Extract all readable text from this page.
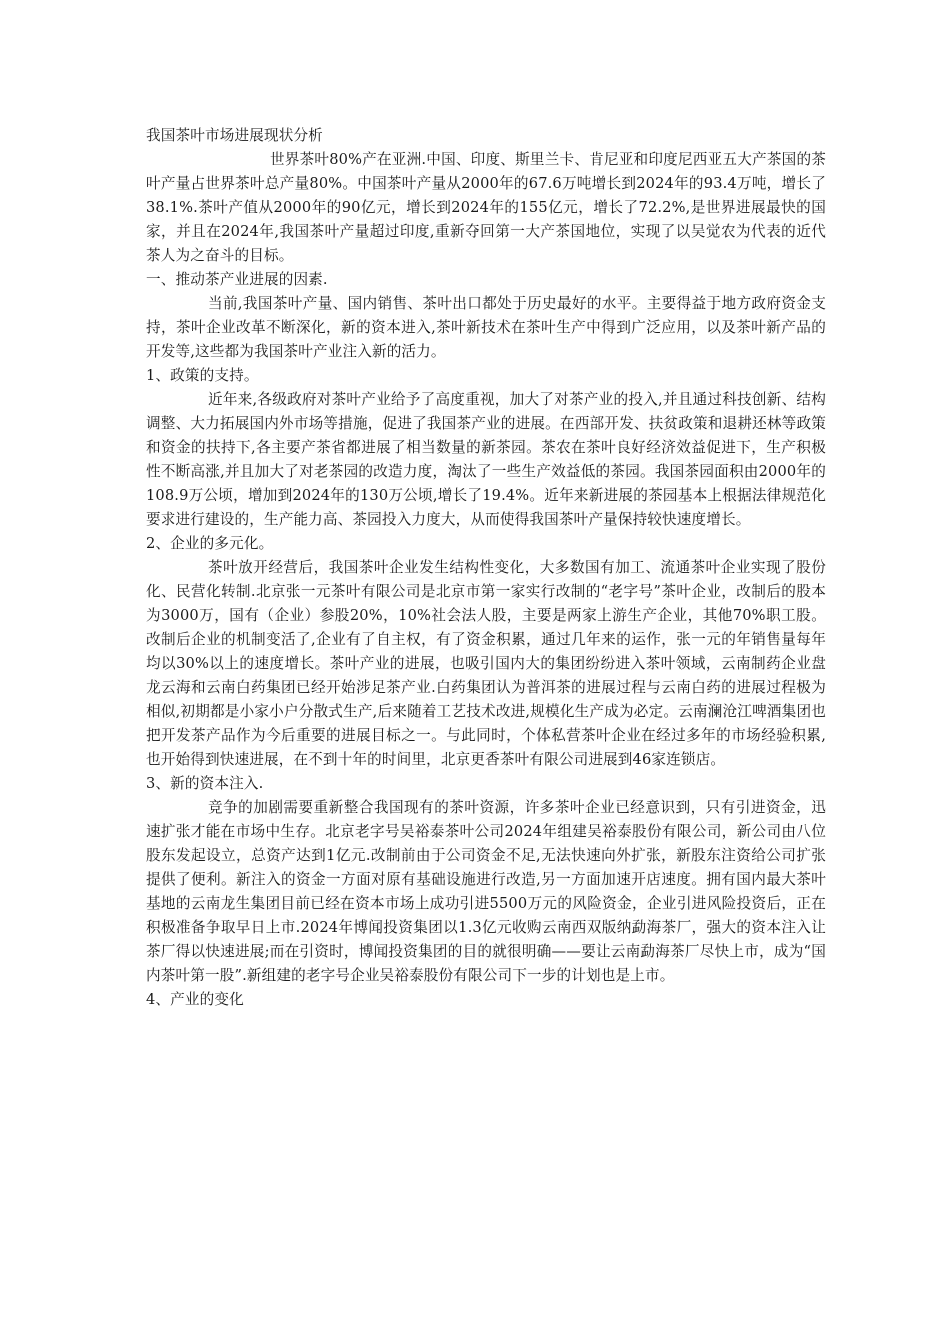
我国茶叶市场进展现状分析

世界茶叶80%产在亚洲.中国、印度、斯里兰卡、肯尼亚和印度尼西亚五大产茶国的茶叶产量占世界茶叶总产量80%。中国茶叶产量从2000年的67.6万吨增长到2024年的93.4万吨，增长了38.1%.茶叶产值从2000年的90亿元，增长到2024年的155亿元，增长了72.2%,是世界进展最快的国家，并且在2024年,我国茶叶产量超过印度,重新夺回第一大产茶国地位，实现了以吴觉农为代表的近代茶人为之奋斗的目标。

一、推动茶产业进展的因素.

当前,我国茶叶产量、国内销售、茶叶出口都处于历史最好的水平。主要得益于地方政府资金支持，茶叶企业改革不断深化，新的资本进入,茶叶新技术在茶叶生产中得到广泛应用，以及茶叶新产品的开发等,这些都为我国茶叶产业注入新的活力。

1、政策的支持。

近年来,各级政府对茶叶产业给予了高度重视，加大了对茶产业的投入,并且通过科技创新、结构调整、大力拓展国内外市场等措施，促进了我国茶产业的进展。在西部开发、扶贫政策和退耕还林等政策和资金的扶持下,各主要产茶省都进展了相当数量的新茶园。茶农在茶叶良好经济效益促进下，生产积极性不断高涨,并且加大了对老茶园的改造力度，淘汰了一些生产效益低的茶园。我国茶园面积由2000年的108.9万公顷，增加到2024年的130万公顷,增长了19.4%。近年来新进展的茶园基本上根据法律规范化要求进行建设的，生产能力高、茶园投入力度大，从而使得我国茶叶产量保持较快速度增长。

2、企业的多元化。

茶叶放开经营后，我国茶叶企业发生结构性变化，大多数国有加工、流通茶叶企业实现了股份化、民营化转制.北京张一元茶叶有限公司是北京市第一家实行改制的“老字号”茶叶企业，改制后的股本为3000万，国有（企业）参股20%，10%社会法人股，主要是两家上游生产企业，其他70%职工股。改制后企业的机制变活了,企业有了自主权，有了资金积累，通过几年来的运作，张一元的年销售量每年均以30%以上的速度增长。茶叶产业的进展，也吸引国内大的集团纷纷进入茶叶领域，云南制药企业盘龙云海和云南白药集团已经开始涉足茶产业.白药集团认为普洱茶的进展过程与云南白药的进展过程极为相似,初期都是小家小户分散式生产,后来随着工艺技术改进,规模化生产成为必定。云南澜沧江啤酒集团也把开发茶产品作为今后重要的进展目标之一。与此同时，个体私营茶叶企业在经过多年的市场经验积累,也开始得到快速进展，在不到十年的时间里，北京更香茶叶有限公司进展到46家连锁店。

3、新的资本注入.

竞争的加剧需要重新整合我国现有的茶叶资源，许多茶叶企业已经意识到，只有引进资金，迅速扩张才能在市场中生存。北京老字号吴裕泰茶叶公司2024年组建吴裕泰股份有限公司，新公司由八位股东发起设立，总资产达到1亿元.改制前由于公司资金不足,无法快速向外扩张，新股东注资给公司扩张提供了便利。新注入的资金一方面对原有基础设施进行改造,另一方面加速开店速度。拥有国内最大茶叶基地的云南龙生集团目前已经在资本市场上成功引进5500万元的风险资金，企业引进风险投资后，正在积极准备争取早日上市.2024年博闻投资集团以1.3亿元收购云南西双版纳勐海茶厂，强大的资本注入让茶厂得以快速进展;而在引资时，博闻投资集团的目的就很明确——要让云南勐海茶厂尽快上市，成为“国内茶叶第一股”.新组建的老字号企业吴裕泰股份有限公司下一步的计划也是上市。

4、产业的变化
